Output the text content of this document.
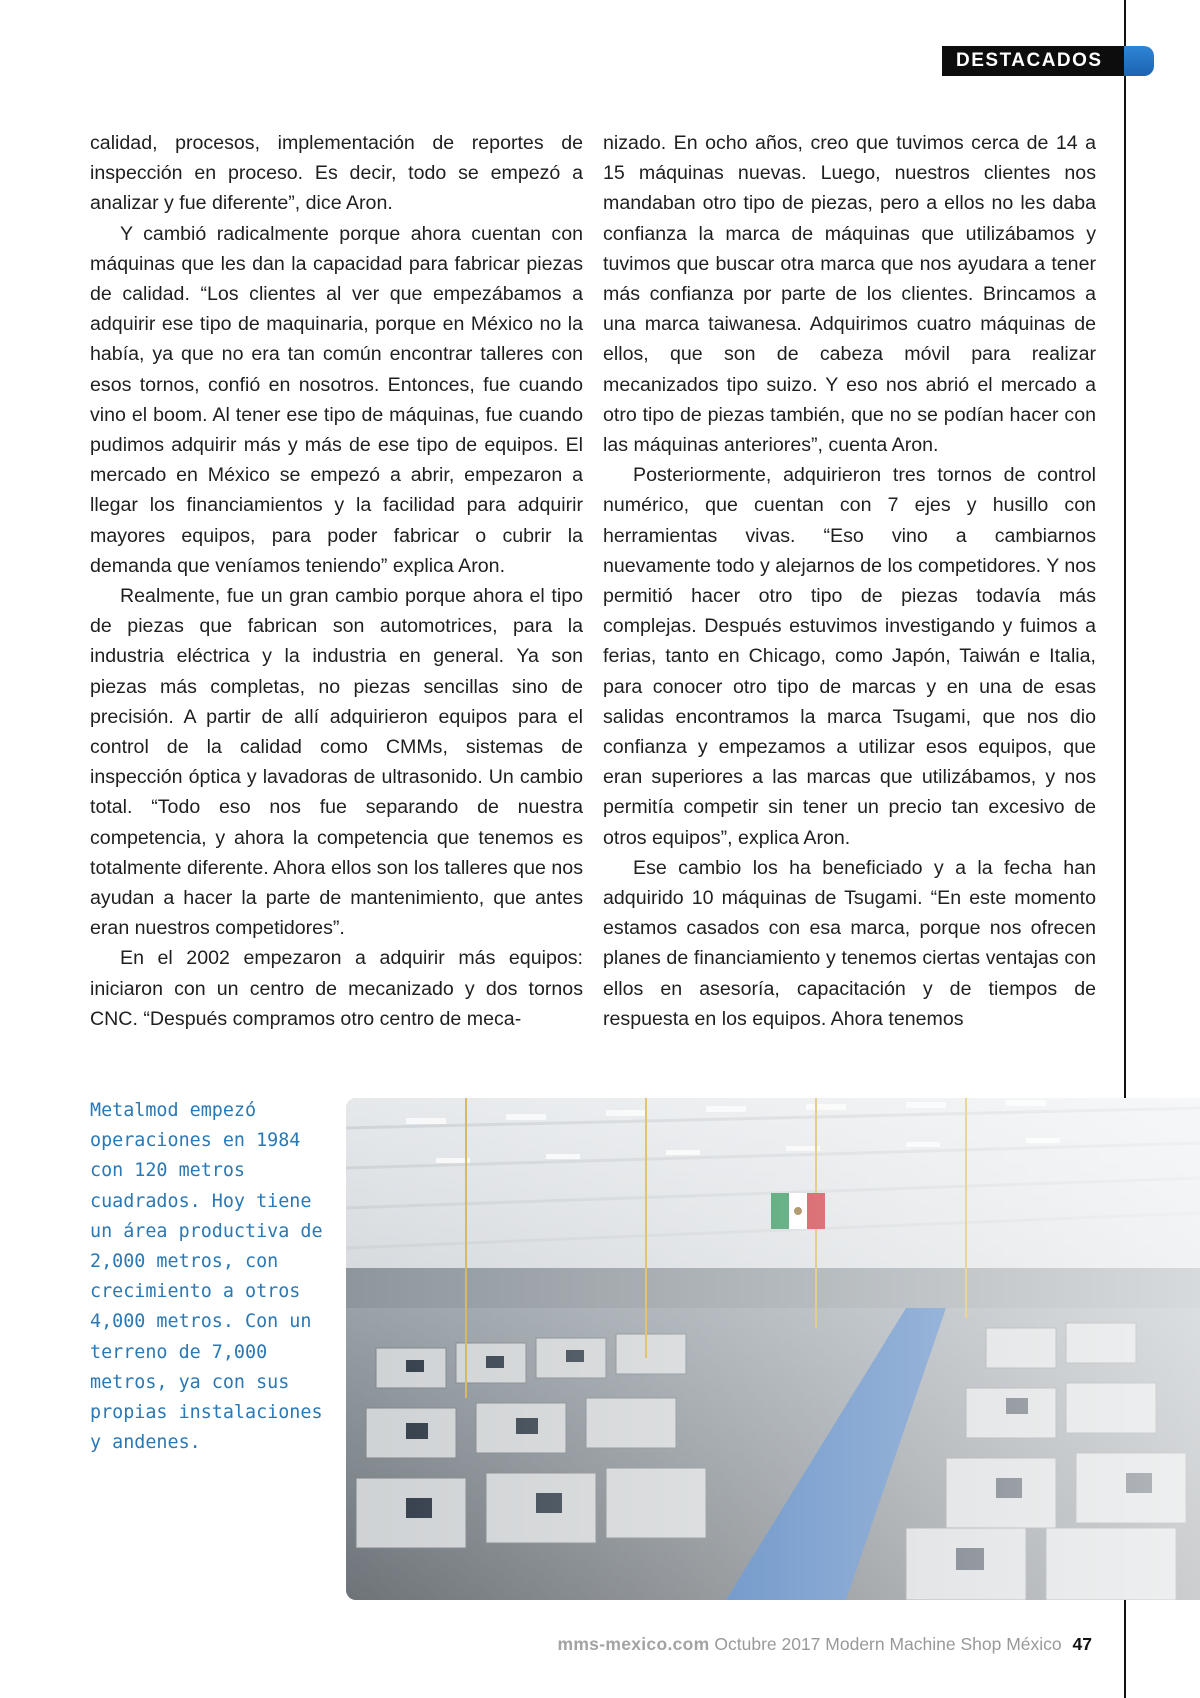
DESTACADOS

calidad, procesos, implementación de reportes de inspección en proceso. Es decir, todo se empezó a analizar y fue diferente”, dice Aron.

Y cambió radicalmente porque ahora cuentan con máquinas que les dan la capacidad para fabricar piezas de calidad. “Los clientes al ver que empezábamos a adquirir ese tipo de maquinaria, porque en México no la había, ya que no era tan común encontrar talleres con esos tornos, confió en nosotros. Entonces, fue cuando vino el boom. Al tener ese tipo de máquinas, fue cuando pudimos adquirir más y más de ese tipo de equipos. El mercado en México se empezó a abrir, empezaron a llegar los financiamientos y la facilidad para adquirir mayores equipos, para poder fabricar o cubrir la demanda que veníamos teniendo” explica Aron.

Realmente, fue un gran cambio porque ahora el tipo de piezas que fabrican son automotrices, para la industria eléctrica y la industria en general. Ya son piezas más completas, no piezas sencillas sino de precisión. A partir de allí adquirieron equipos para el control de la calidad como CMMs, sistemas de inspección óptica y lavadoras de ultrasonido. Un cambio total. “Todo eso nos fue separando de nuestra competencia, y ahora la competencia que tenemos es totalmente diferente. Ahora ellos son los talleres que nos ayudan a hacer la parte de mantenimiento, que antes eran nuestros competidores”.

En el 2002 empezaron a adquirir más equipos: iniciaron con un centro de mecanizado y dos tornos CNC. “Después compramos otro centro de meca-

nizado. En ocho años, creo que tuvimos cerca de 14 a 15 máquinas nuevas. Luego, nuestros clientes nos mandaban otro tipo de piezas, pero a ellos no les daba confianza la marca de máquinas que utilizábamos y tuvimos que buscar otra marca que nos ayudara a tener más confianza por parte de los clientes. Brincamos a una marca taiwanesa. Adquirimos cuatro máquinas de ellos, que son de cabeza móvil para realizar mecanizados tipo suizo. Y eso nos abrió el mercado a otro tipo de piezas también, que no se podían hacer con las máquinas anteriores”, cuenta Aron.

Posteriormente, adquirieron tres tornos de control numérico, que cuentan con 7 ejes y husillo con herramientas vivas. “Eso vino a cambiarnos nuevamente todo y alejarnos de los competidores. Y nos permitió hacer otro tipo de piezas todavía más complejas. Después estuvimos investigando y fuimos a ferias, tanto en Chicago, como Japón, Taiwán e Italia, para conocer otro tipo de marcas y en una de esas salidas encontramos la marca Tsugami, que nos dio confianza y empezamos a utilizar esos equipos, que eran superiores a las marcas que utilizábamos, y nos permitía competir sin tener un precio tan excesivo de otros equipos”, explica Aron.

Ese cambio los ha beneficiado y a la fecha han adquirido 10 máquinas de Tsugami. “En este momento estamos casados con esa marca, porque nos ofrecen planes de financiamiento y tenemos ciertas ventajas con ellos en asesoría, capacitación y de tiempos de respuesta en los equipos. Ahora tenemos

Metalmod empezó operaciones en 1984 con 120 metros cuadrados. Hoy tiene un área productiva de 2,000 metros, con crecimiento a otros 4,000 metros. Con un terreno de 7,000 metros, ya con sus propias instalaciones y andenes.
mms-mexico.com Octubre 2017 Modern Machine Shop México 47
